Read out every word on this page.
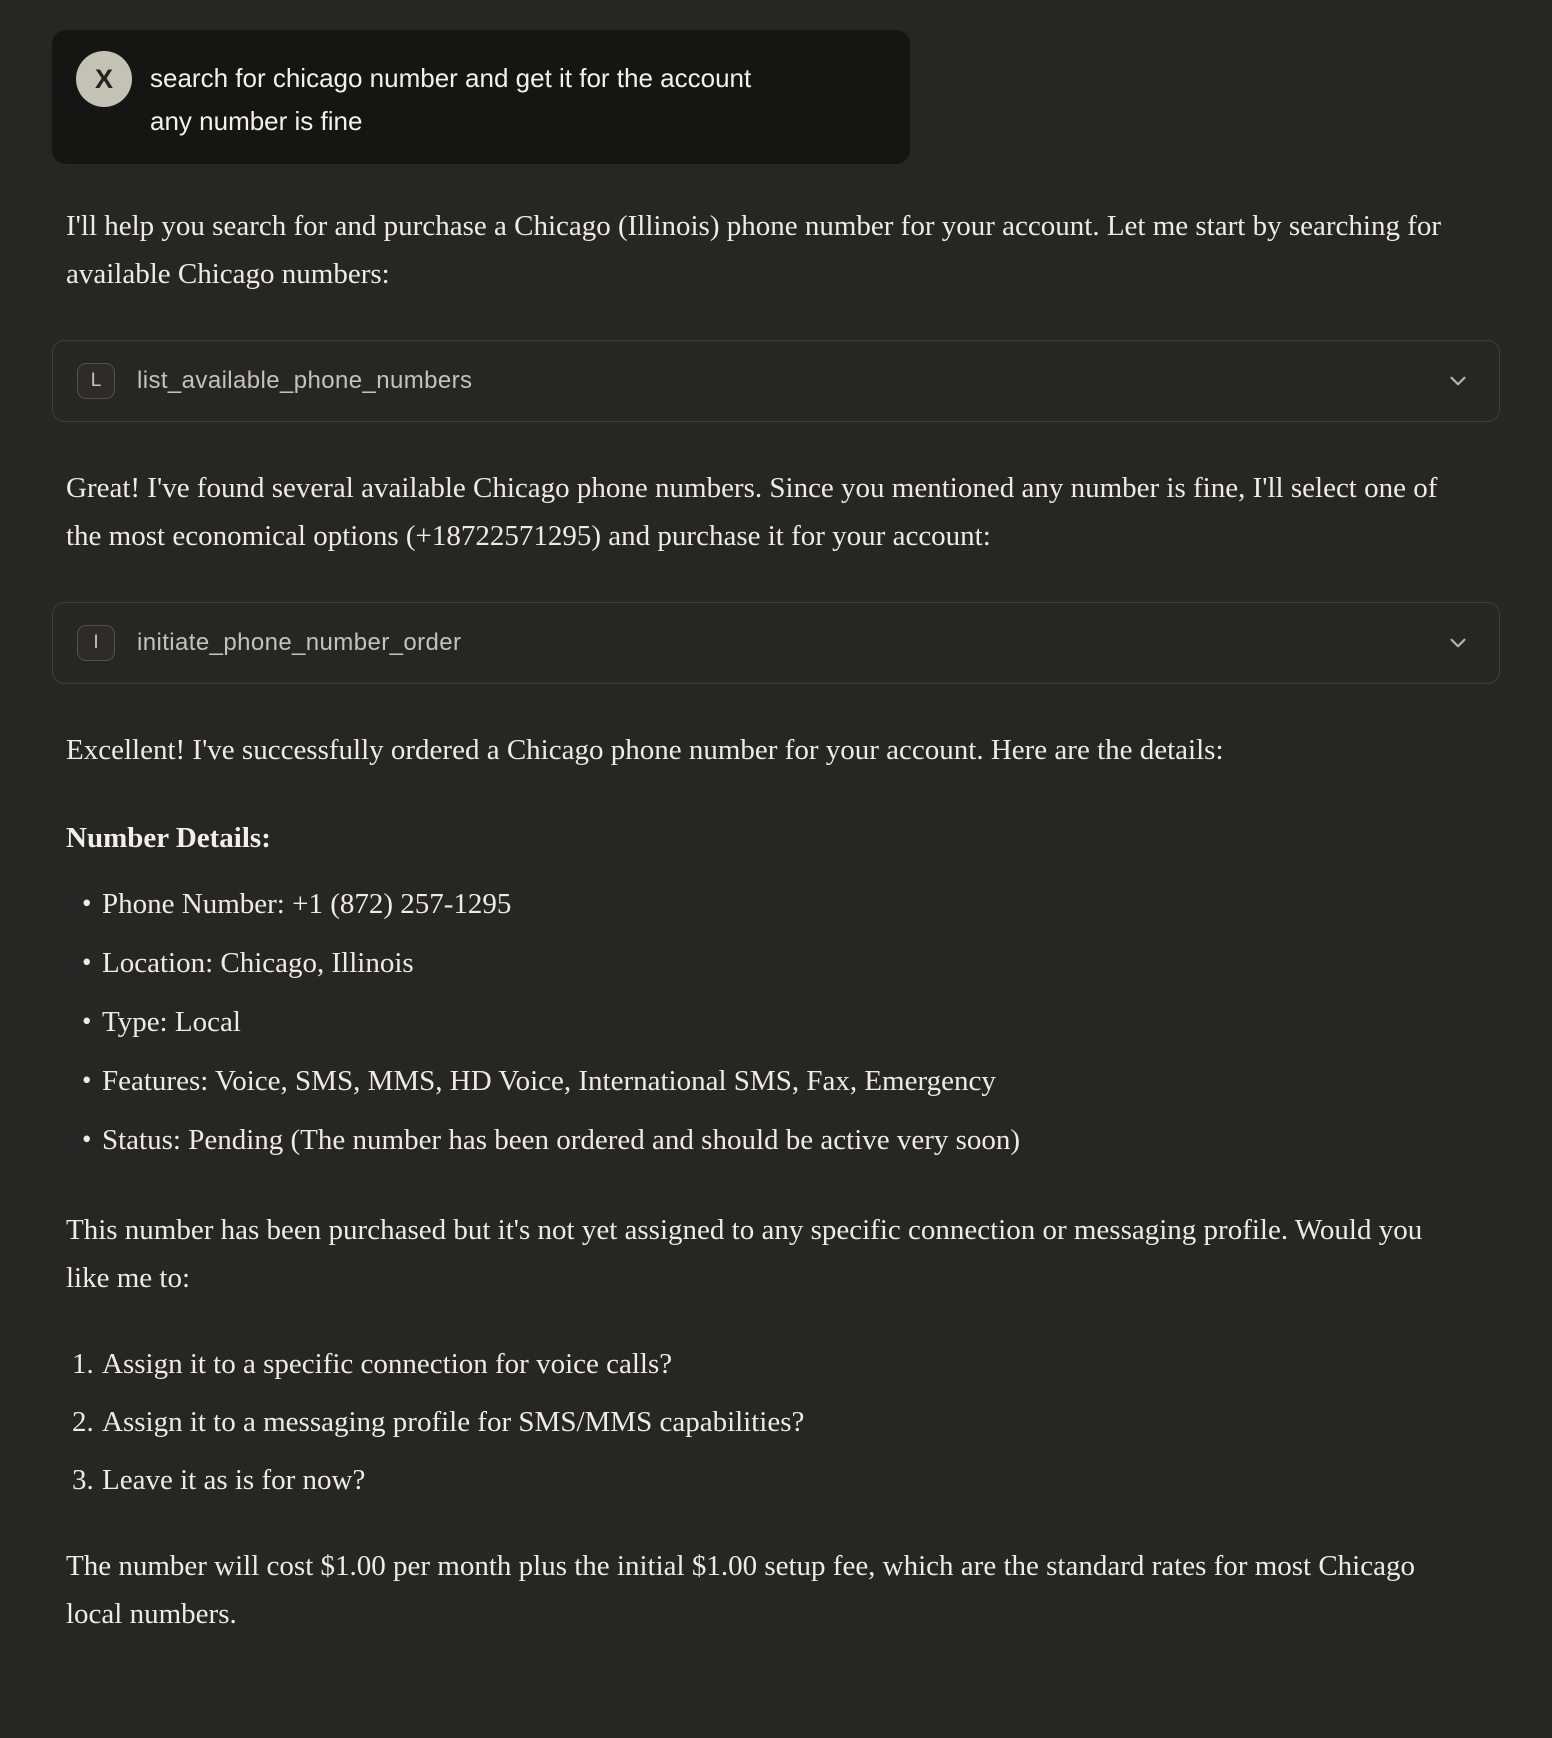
X	search for chicago number and get it for the account
any number is fine

I'll help you search for and purchase a Chicago (Illinois) phone number for your account. Let me start by searching for available Chicago numbers:

L	list_available_phone_numbers

Great! I've found several available Chicago phone numbers. Since you mentioned any number is fine, I'll select one of the most economical options (+18722571295) and purchase it for your account:

I	initiate_phone_number_order

Excellent! I've successfully ordered a Chicago phone number for your account. Here are the details:

Number Details:
• Phone Number: +1 (872) 257-1295
• Location: Chicago, Illinois
• Type: Local
• Features: Voice, SMS, MMS, HD Voice, International SMS, Fax, Emergency
• Status: Pending (The number has been ordered and should be active very soon)

This number has been purchased but it's not yet assigned to any specific connection or messaging profile. Would you like me to:

Assign it to a specific connection for voice calls?
Assign it to a messaging profile for SMS/MMS capabilities?
Leave it as is for now?

The number will cost $1.00 per month plus the initial $1.00 setup fee, which are the standard rates for most Chicago local numbers.
